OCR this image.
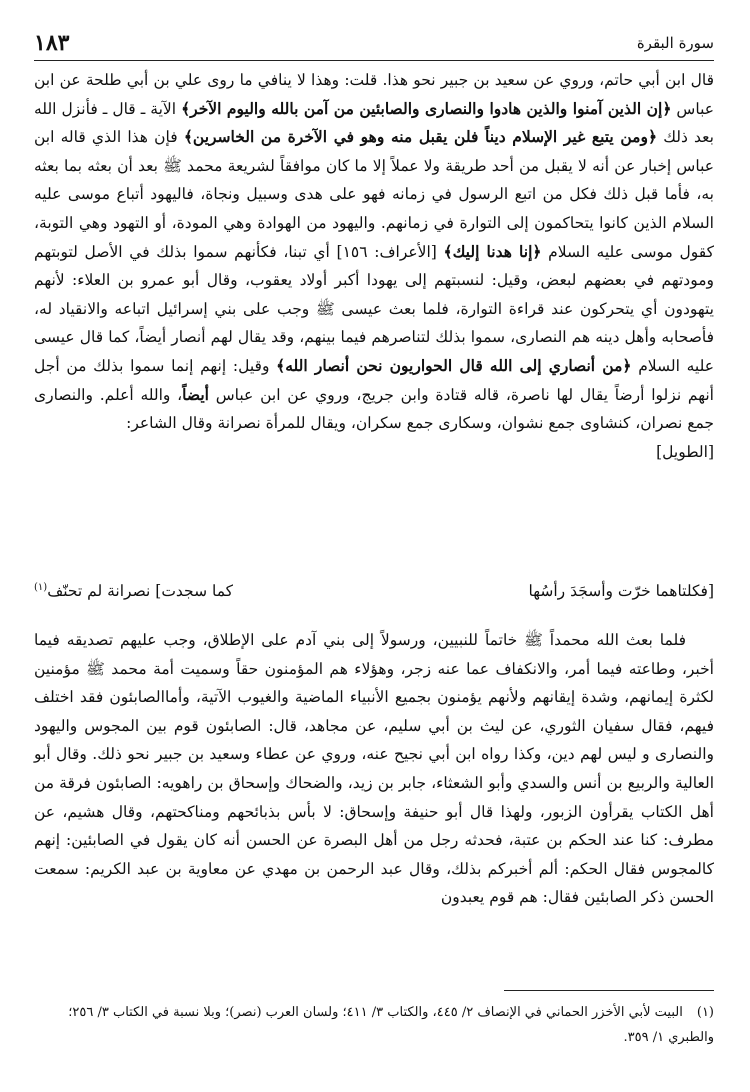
سورة البقرة
١٨٣

قال ابن أبي حاتم، وروي عن سعيد بن جبير نحو هذا. قلت: وهذا لا ينافي ما روى علي بن أبي طلحة عن ابن عباس ﴿إن الذين آمنوا والذين هادوا والنصارى والصابئين من آمن بالله واليوم الآخر﴾ الآية ـ قال ـ فأنزل الله بعد ذلك ﴿ومن يتبع غير الإسلام ديناً فلن يقبل منه وهو في الآخرة من الخاسرين﴾ فإن هذا الذي قاله ابن عباس إخبار عن أنه لا يقبل من أحد طريقة ولا عملاً إلا ما كان موافقاً لشريعة محمد ﷺ بعد أن بعثه بما بعثه به، فأما قبل ذلك فكل من اتبع الرسول في زمانه فهو على هدى وسبيل ونجاة، فاليهود أتباع موسى عليه السلام الذين كانوا يتحاكمون إلى التوارة في زمانهم. واليهود من الهوادة وهي المودة، أو التهود وهي التوبة، كقول موسى عليه السلام ﴿إنا هدنا إليك﴾ [الأعراف: ١٥٦] أي تبنا، فكأنهم سموا بذلك في الأصل لتوبتهم ومودتهم في بعضهم لبعض، وقيل: لنسبتهم إلى يهودا أكبر أولاد يعقوب، وقال أبو عمرو بن العلاء: لأنهم يتهودون أي يتحركون عند قراءة التوارة، فلما بعث عيسى ﷺ وجب على بني إسرائيل اتباعه والانقياد له، فأصحابه وأهل دينه هم النصارى، سموا بذلك لتناصرهم فيما بينهم، وقد يقال لهم أنصار أيضاً، كما قال عيسى عليه السلام ﴿من أنصاري إلى الله قال الحواريون نحن أنصار الله﴾ وقيل: إنهم إنما سموا بذلك من أجل أنهم نزلوا أرضاً يقال لها ناصرة، قاله قتادة وابن جريج، وروي عن ابن عباس أيضاً، والله أعلم. والنصارى جمع نصران، كنشاوى جمع نشوان، وسكارى جمع سكران، ويقال للمرأة نصرانة وقال الشاعر:

[الطويل]
[فكلتاهما خرّت وأسجَدَ رأسُها
كما سجدت] نصرانة لم تحنّف$^{(١)}$

فلما بعث الله محمداً ﷺ خاتماً للنبيين، ورسولاً إلى بني آدم على الإطلاق، وجب عليهم تصديقه فيما أخبر، وطاعته فيما أمر، والانكفاف عما عنه زجر، وهؤلاء هم المؤمنون حقاً وسميت أمة محمد ﷺ مؤمنين لكثرة إيمانهم، وشدة إيقانهم ولأنهم يؤمنون بجميع الأنبياء الماضية والغيوب الآتية، وأماالصابئون فقد اختلف فيهم، فقال سفيان الثوري، عن ليث بن أبي سليم، عن مجاهد، قال: الصابئون قوم بين المجوس واليهود والنصارى و ليس لهم دين، وكذا رواه ابن أبي نجيح عنه، وروي عن عطاء وسعيد بن جبير نحو ذلك. وقال أبو العالية والربيع بن أنس والسدي وأبو الشعثاء، جابر بن زيد، والضحاك وإسحاق بن راهويه: الصابئون فرقة من أهل الكتاب يقرأون الزبور، ولهذا قال أبو حنيفة وإسحاق: لا بأس بذبائحهم ومناكحتهم، وقال هشيم، عن مطرف: كنا عند الحكم بن عتبة، فحدثه رجل من أهل البصرة عن الحسن أنه كان يقول في الصابئين: إنهم كالمجوس فقال الحكم: ألم أخبركم بذلك، وقال عبد الرحمن بن مهدي عن معاوية بن عبد الكريم: سمعت الحسن ذكر الصابئين فقال: هم قوم يعبدون

(١)البيت لأبي الأخزر الحماني في الإنصاف ٢/ ٤٤٥، والكتاب ٣/ ٤١١؛ ولسان العرب (نصر)؛ وبلا نسبة في الكتاب ٣/ ٢٥٦؛ والطبري ١/ ٣٥٩.
